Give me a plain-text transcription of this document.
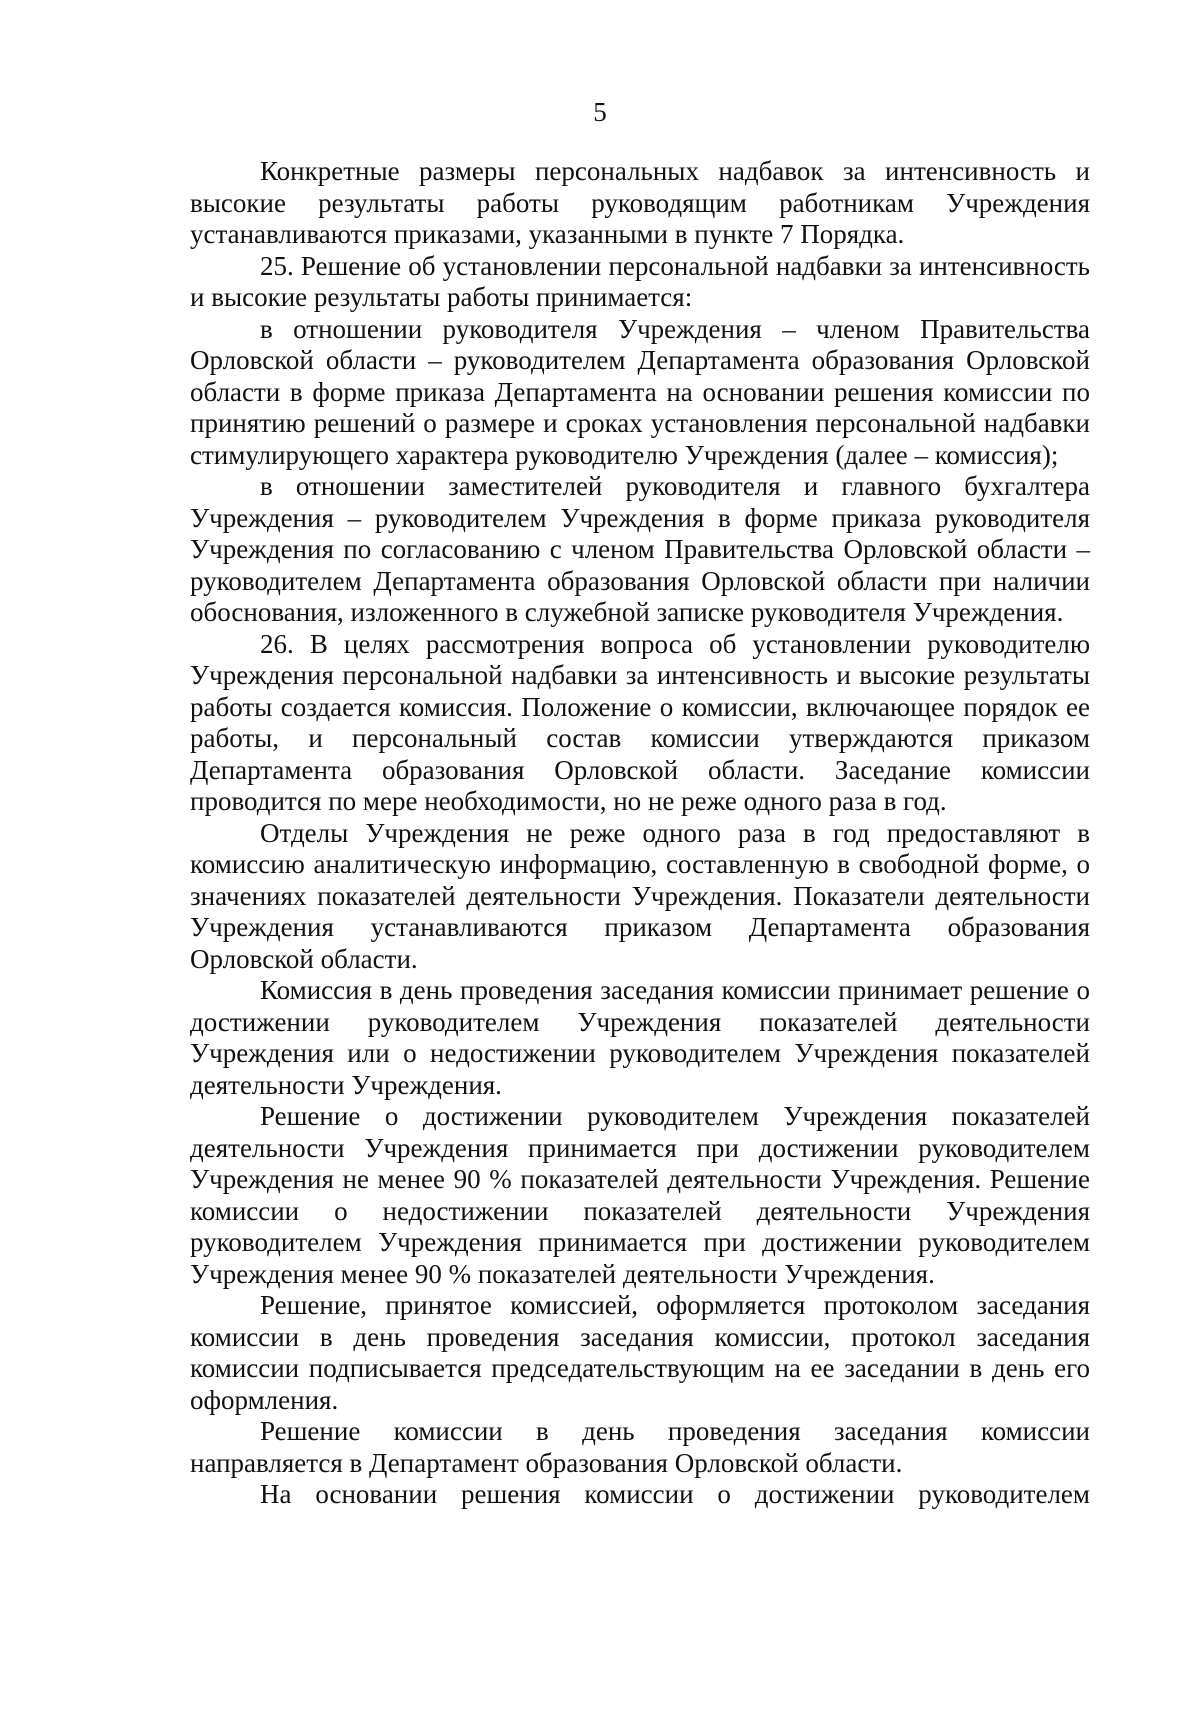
5

Конкретные размеры персональных надбавок за интенсивность и высокие результаты работы руководящим работникам Учреждения устанавливаются приказами, указанными в пункте 7 Порядка.

25. Решение об установлении персональной надбавки за интенсивность и высокие результаты работы принимается:

в отношении руководителя Учреждения – членом Правительства Орловской области – руководителем Департамента образования Орловской области в форме приказа Департамента на основании решения комиссии по принятию решений о размере и сроках установления персональной надбавки стимулирующего характера руководителю Учреждения (далее – комиссия);

в отношении заместителей руководителя и главного бухгалтера Учреждения – руководителем Учреждения в форме приказа руководителя Учреждения по согласованию с членом Правительства Орловской области – руководителем Департамента образования Орловской области при наличии обоснования, изложенного в служебной записке руководителя Учреждения.

26. В целях рассмотрения вопроса об установлении руководителю Учреждения персональной надбавки за интенсивность и высокие результаты работы создается комиссия. Положение о комиссии, включающее порядок ее работы, и персональный состав комиссии утверждаются приказом Департамента образования Орловской области. Заседание комиссии проводится по мере необходимости, но не реже одного раза в год.

Отделы Учреждения не реже одного раза в год предоставляют в комиссию аналитическую информацию, составленную в свободной форме, о значениях показателей деятельности Учреждения. Показатели деятельности Учреждения устанавливаются приказом Департамента образования Орловской области.

Комиссия в день проведения заседания комиссии принимает решение о достижении руководителем Учреждения показателей деятельности Учреждения или о недостижении руководителем Учреждения показателей деятельности Учреждения.

Решение о достижении руководителем Учреждения показателей деятельности Учреждения принимается при достижении руководителем Учреждения не менее 90 % показателей деятельности Учреждения. Решение комиссии о недостижении показателей деятельности Учреждения руководителем Учреждения принимается при достижении руководителем Учреждения менее 90 % показателей деятельности Учреждения.

Решение, принятое комиссией, оформляется протоколом заседания комиссии в день проведения заседания комиссии, протокол заседания комиссии подписывается председательствующим на ее заседании в день его оформления.

Решение комиссии в день проведения заседания комиссии направляется в Департамент образования Орловской области.

На основании решения комиссии о достижении руководителем
